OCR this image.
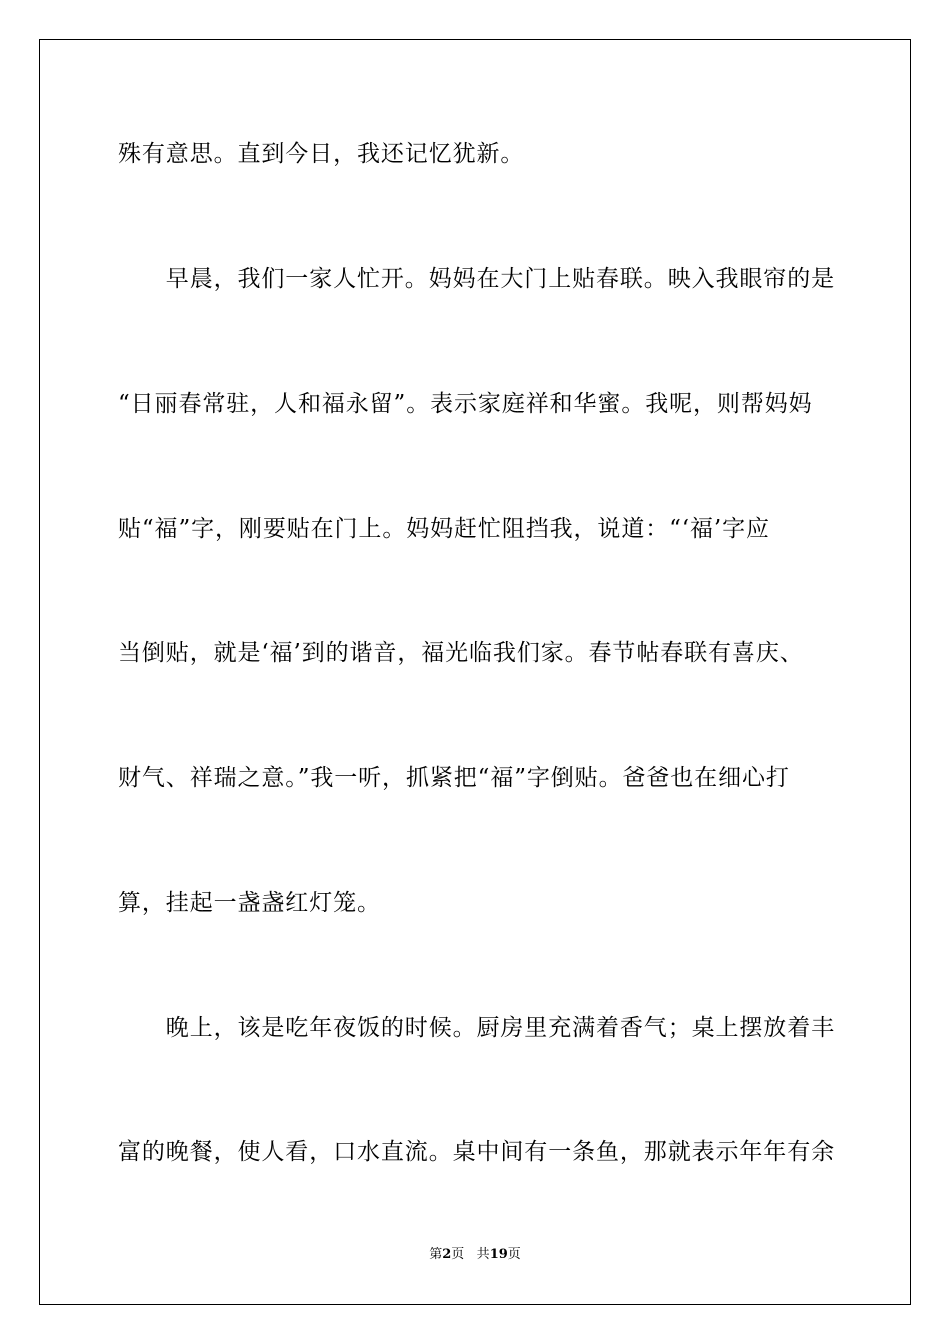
殊有意思。直到今日，我还记忆犹新。
　　早晨，我们一家人忙开。妈妈在大门上贴春联。映入我眼帘的是
“日丽春常驻，人和福永留”。表示家庭祥和华蜜。我呢，则帮妈妈
贴“福”字，刚要贴在门上。妈妈赶忙阻挡我，说道：“‘福’字应
当倒贴，就是‘福’到的谐音，福光临我们家。春节帖春联有喜庆、
财气、祥瑞之意。”我一听，抓紧把“福”字倒贴。爸爸也在细心打
算，挂起一盏盏红灯笼。
　　晚上，该是吃年夜饭的时候。厨房里充满着香气；桌上摆放着丰
富的晚餐，使人看，口水直流。桌中间有一条鱼，那就表示年年有余
第2页 共19页
